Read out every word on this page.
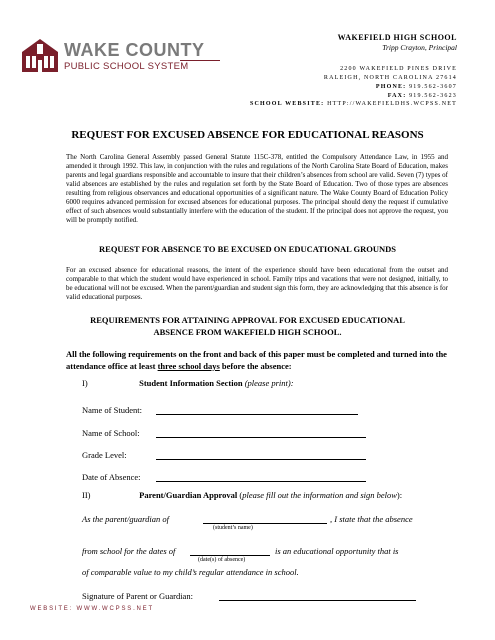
WAKE COUNTY
PUBLIC SCHOOL SYSTEM
WAKEFIELD HIGH SCHOOL
Tripp Crayton, Principal
2200 WAKEFIELD PINES DRIVE
RALEIGH, NORTH CAROLINA 27614
PHONE: 919.562-3607
FAX: 919.562-3623
SCHOOL WEBSITE: HTTP://WAKEFIELDHS.WCPSS.NET
REQUEST FOR EXCUSED ABSENCE FOR EDUCATIONAL REASONS
The North Carolina General Assembly passed General Statute 115C-378, entitled the Compulsory Attendance Law, in 1955 and amended it through 1992. This law, in conjunction with the rules and regulations of the North Carolina State Board of Education, makes parents and legal guardians responsible and accountable to insure that their children’s absences from school are valid. Seven (7) types of valid absences are established by the rules and regulation set forth by the State Board of Education. Two of those types are absences resulting from religious observances and educational opportunities of a significant nature. The Wake County Board of Education Policy 6000 requires advanced permission for excused absences for educational purposes. The principal should deny the request if cumulative effect of such absences would substantially interfere with the education of the student. If the principal does not approve the request, you will be promptly notified.
REQUEST FOR ABSENCE TO BE EXCUSED ON EDUCATIONAL GROUNDS
For an excused absence for educational reasons, the intent of the experience should have been educational from the outset and comparable to that which the student would have experienced in school. Family trips and vacations that were not designed, initially, to be educational will not be excused. When the parent/guardian and student sign this form, they are acknowledging that this absence is for valid educational purposes.
REQUIREMENTS FOR ATTAINING APPROVAL FOR EXCUSED EDUCATIONAL
ABSENCE FROM WAKEFIELD HIGH SCHOOL.
All the following requirements on the front and back of this paper must be completed and turned into the attendance office at least three school days before the absence:
I)	Student Information Section (please print):
Name of Student:
Name of School:
Grade Level:
Date of Absence:
II)	Parent/Guardian Approval (please fill out the information and sign below):
As the parent/guardian of	, I state that the absence
(student’s name)
from school for the dates of	is an educational opportunity that is
(date(s) of absence)
of comparable value to my child’s regular attendance in school.
Signature of Parent or Guardian:
WEBSITE: WWW.WCPSS.NET
